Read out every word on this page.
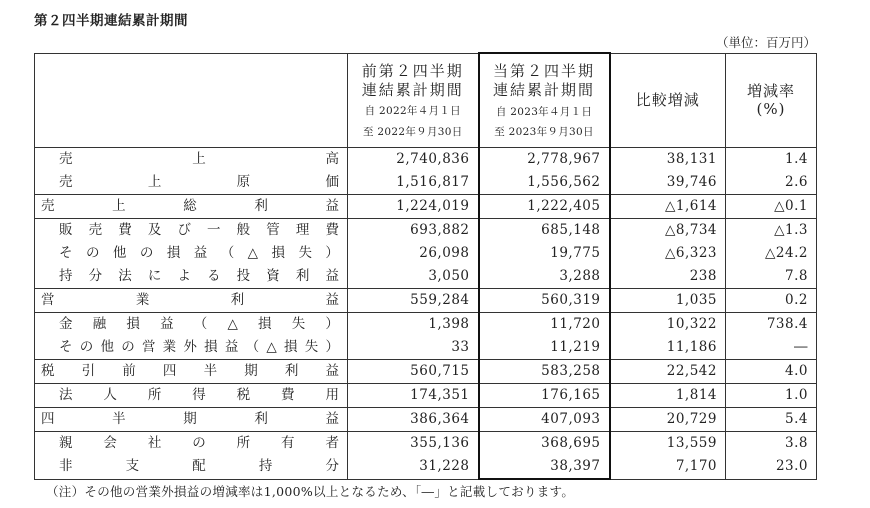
第２四半期連結累計期間
（単位：百万円）

前第２四半期
連結累計期間
自 2022年４月１日
至 2022年９月30日

当第２四半期
連結累計期間
自 2023年４月１日
至 2023年９月30日

比較増減

増減率
(%)

売 上 高	2,740,836	2,778,967	38,131	1.4

売 上 原 価	1,516,817	1,556,562	39,746	2.6

売 上 総 利 益	1,224,019	1,222,405	△1,614	△0.1

販 売 費 及 び 一 般 管 理 費	693,882	685,148	△8,734	△1.3

そ の 他 の 損 益 （ △ 損 失 ）	26,098	19,775	△6,323	△24.2

持 分 法 に よ る 投 資 利 益	3,050	3,288	238	7.8

営 業 利 益	559,284	560,319	1,035	0.2

金 融 損 益 （ △ 損 失 ）	1,398	11,720	10,322	738.4

そ の 他 の 営 業 外 損 益 （ △ 損 失 ）	33	11,219	11,186	―

税 引 前 四 半 期 利 益	560,715	583,258	22,542	4.0

法 人 所 得 税 費 用	174,351	176,165	1,814	1.0

四 半 期 利 益	386,364	407,093	20,729	5.4

親 会 社 の 所 有 者	355,136	368,695	13,559	3.8

非 支 配 持 分	31,228	38,397	7,170	23.0
（注）その他の営業外損益の増減率は1,000%以上となるため、「―」と記載しております。
